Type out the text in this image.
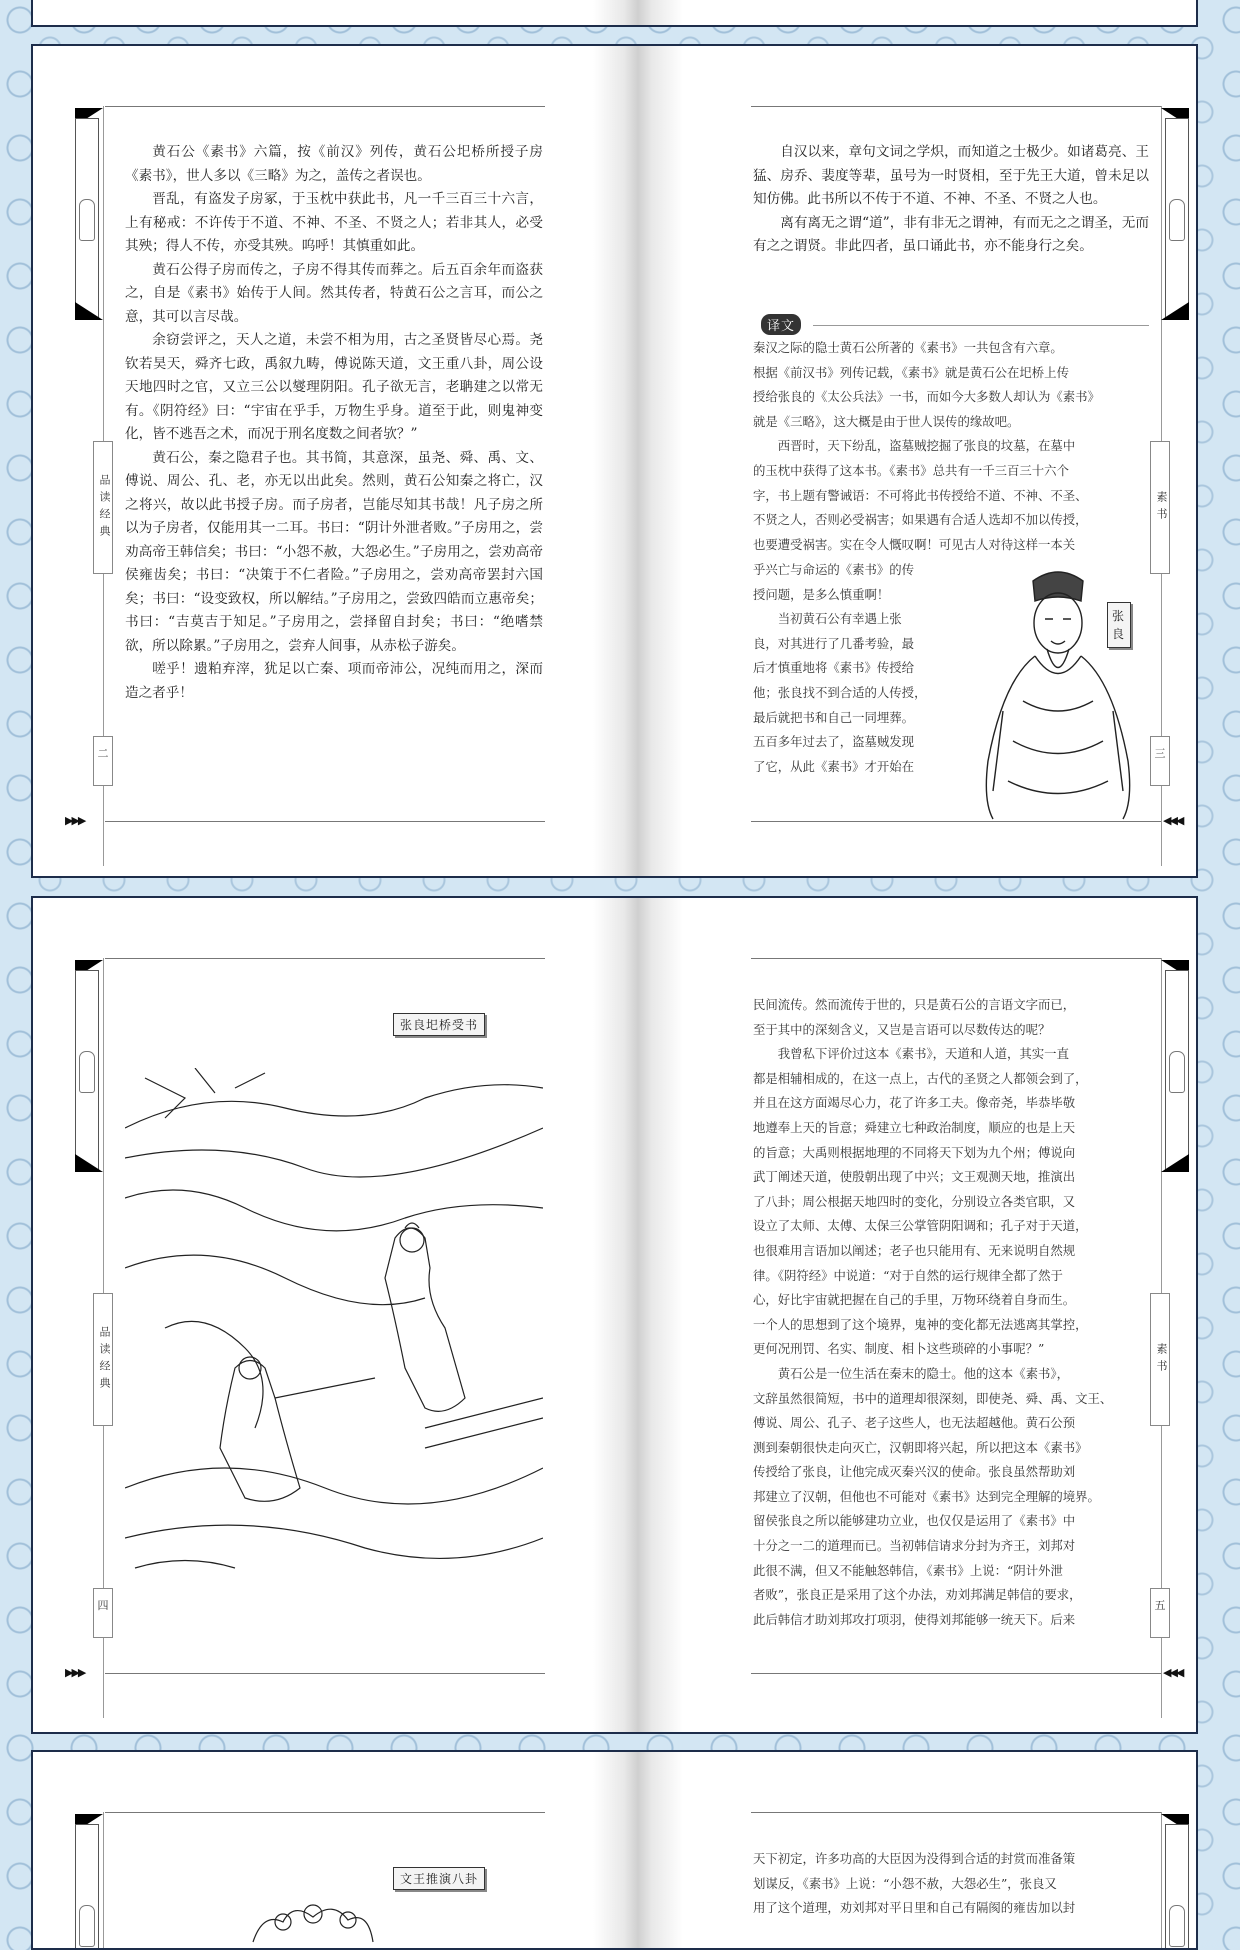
品读经典
二

黄石公《素书》六篇，按《前汉》列传，黄石公圯桥所授子房《素书》，世人多以《三略》为之，盖传之者误也。

晋乱，有盗发子房冢，于玉枕中获此书，凡一千三百三十六言，上有秘戒：不许传于不道、不神、不圣、不贤之人；若非其人，必受其殃；得人不传，亦受其殃。呜呼！其慎重如此。

黄石公得子房而传之，子房不得其传而葬之。后五百余年而盗获之，自是《素书》始传于人间。然其传者，特黄石公之言耳，而公之意，其可以言尽哉。

余窃尝评之，天人之道，未尝不相为用，古之圣贤皆尽心焉。尧钦若昊天，舜齐七政，禹叙九畴，傅说陈天道，文王重八卦，周公设天地四时之官，又立三公以燮理阴阳。孔子欲无言，老聃建之以常无有。《阴符经》曰：“宇宙在乎手，万物生乎身。道至于此，则鬼神变化，皆不逃吾之术，而况于刑名度数之间者欤？”

黄石公，秦之隐君子也。其书简，其意深，虽尧、舜、禹、文、傅说、周公、孔、老，亦无以出此矣。然则，黄石公知秦之将亡，汉之将兴，故以此书授子房。而子房者，岂能尽知其书哉！凡子房之所以为子房者，仅能用其一二耳。书曰：“阴计外泄者败。”子房用之，尝劝高帝王韩信矣；书曰：“小怨不赦，大怨必生。”子房用之，尝劝高帝侯雍齿矣；书曰：“决策于不仁者险。”子房用之，尝劝高帝罢封六国矣；书曰：“设变致权，所以解结。”子房用之，尝致四皓而立惠帝矣；书曰：“吉莫吉于知足。”子房用之，尝择留自封矣；书曰：“绝嗜禁欲，所以除累。”子房用之，尝弃人间事，从赤松子游矣。

嗟乎！遗粕弃滓，犹足以亡秦、项而帝沛公，况纯而用之，深而造之者乎！

▶▶▶
素书
三

自汉以来，章句文词之学炽，而知道之士极少。如诸葛亮、王猛、房乔、裴度等辈，虽号为一时贤相，至于先王大道，曾未足以知仿佛。此书所以不传于不道、不神、不圣、不贤之人也。

离有离无之谓“道”，非有非无之谓神，有而无之之谓圣，无而有之之谓贤。非此四者，虽口诵此书，亦不能身行之矣。

译文
秦汉之际的隐士黄石公所著的《素书》一共包含有六章。
根据《前汉书》列传记载，《素书》就是黄石公在圯桥上传
授给张良的《太公兵法》一书，而如今大多数人却认为《素书》
就是《三略》，这大概是由于世人误传的缘故吧。
　　西晋时，天下纷乱，盗墓贼挖掘了张良的坟墓，在墓中
的玉枕中获得了这本书。《素书》总共有一千三百三十六个
字，书上题有警诫语：不可将此书传授给不道、不神、不圣、
不贤之人，否则必受祸害；如果遇有合适人选却不加以传授，
也要遭受祸害。实在令人慨叹啊！可见古人对待这样一本关
乎兴亡与命运的《素书》的传
授问题，是多么慎重啊！
　　当初黄石公有幸遇上张
良，对其进行了几番考验，最
后才慎重地将《素书》传授给
他；张良找不到合适的人传授，
最后就把书和自己一同埋葬。
五百多年过去了，盗墓贼发现
了它，从此《素书》才开始在
张良
◀◀◀
品读经典
四
张良圯桥受书
▶▶▶
素书
五
民间流传。然而流传于世的，只是黄石公的言语文字而已，
至于其中的深刻含义，又岂是言语可以尽数传达的呢？
　　我曾私下评价过这本《素书》，天道和人道，其实一直
都是相辅相成的，在这一点上，古代的圣贤之人都领会到了，
并且在这方面竭尽心力，花了许多工夫。像帝尧，毕恭毕敬
地遵奉上天的旨意；舜建立七种政治制度，顺应的也是上天
的旨意；大禹则根据地理的不同将天下划为九个州；傅说向
武丁阐述天道，使殷朝出现了中兴；文王观测天地，推演出
了八卦；周公根据天地四时的变化，分别设立各类官职，又
设立了太师、太傅、太保三公掌管阴阳调和；孔子对于天道，
也很难用言语加以阐述；老子也只能用有、无来说明自然规
律。《阴符经》中说道：“对于自然的运行规律全都了然于
心，好比宇宙就把握在自己的手里，万物环绕着自身而生。
一个人的思想到了这个境界，鬼神的变化都无法逃离其掌控，
更何况刑罚、名实、制度、相卜这些琐碎的小事呢？”
　　黄石公是一位生活在秦末的隐士。他的这本《素书》，
文辞虽然很简短，书中的道理却很深刻，即使尧、舜、禹、文王、
傅说、周公、孔子、老子这些人，也无法超越他。黄石公预
测到秦朝很快走向灭亡，汉朝即将兴起，所以把这本《素书》
传授给了张良，让他完成灭秦兴汉的使命。张良虽然帮助刘
邦建立了汉朝，但他也不可能对《素书》达到完全理解的境界。
留侯张良之所以能够建功立业，也仅仅是运用了《素书》中
十分之一二的道理而已。当初韩信请求分封为齐王，刘邦对
此很不满，但又不能触怒韩信，《素书》上说：“阴计外泄
者败”，张良正是采用了这个办法，劝刘邦满足韩信的要求，
此后韩信才助刘邦攻打项羽，使得刘邦能够一统天下。后来
◀◀◀
文王推演八卦
天下初定，许多功高的大臣因为没得到合适的封赏而准备策
划谋反，《素书》上说：“小怨不赦，大怨必生”，张良又
用了这个道理，劝刘邦对平日里和自己有隔阂的雍齿加以封
